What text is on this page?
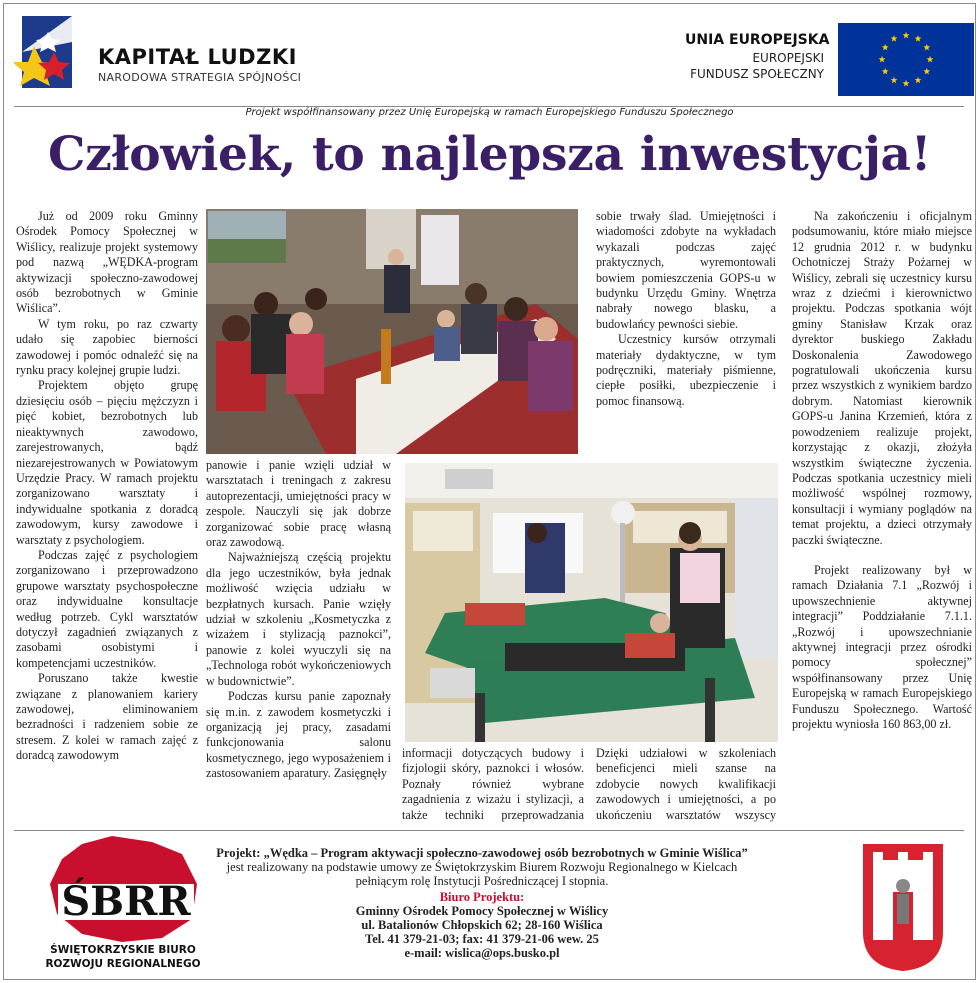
KAPITAŁ LUDZKI
NARODOWA STRATEGIA SPÓJNOŚCI
UNIA EUROPEJSKA
EUROPEJSKI
FUNDUSZ SPOŁECZNY
Projekt współfinansowany przez Unię Europejską w ramach Europejskiego Funduszu Społecznego
Człowiek, to najlepsza inwestycja!

Już od 2009 roku Gminny Ośrodek Pomocy Społecznej w Wiślicy, realizuje projekt systemowy pod nazwą „WĘDKA-program aktywizacji społeczno-zawodowej osób bezrobotnych w Gminie Wiślica”.

W tym roku, po raz czwarty udało się zapobiec bierności zawodowej i pomóc odnaleźć się na rynku pracy kolejnej grupie ludzi.

Projektem objęto grupę dziesięciu osób – pięciu mężczyzn i pięć kobiet, bezrobotnych lub nieaktywnych zawodowo, zarejestrowanych, bądź niezarejestrowanych w Powiatowym Urzędzie Pracy. W ramach projektu zorganizowano warsztaty i indywidualne spotkania z doradcą zawodowym, kursy zawodowe i warsztaty z psychologiem.

Podczas zajęć z psychologiem zorganizowano i przeprowadzono grupowe warsztaty psychospołeczne oraz indywidualne konsultacje według potrzeb. Cykl warsztatów dotyczył zagadnień związanych z zasobami osobistymi i kompetencjami uczestników.

Poruszano także kwestie związane z planowaniem kariery zawodowej, eliminowaniem bezradności i radzeniem sobie ze stresem. Z kolei w ramach zajęć z doradcą zawodowym

panowie i panie wzięli udział w warsztatach i treningach z zakresu autoprezentacji, umiejętności pracy w zespole. Nauczyli się jak dobrze zorganizować sobie pracę własną oraz zawodową.

Najważniejszą częścią projektu dla jego uczestników, była jednak możliwość wzięcia udziału w bezpłatnych kursach. Panie wzięły udział w szkoleniu „Kosmetyczka z wizażem i stylizacją paznokci”, panowie z kolei wyuczyli się na „Technologa robót wykończeniowych w budownictwie”.

Podczas kursu panie zapoznały się m.in. z zawodem kosmetyczki i organizacją jej pracy, zasadami funkcjonowania salonu kosmetycznego, jego wyposażeniem i zastosowaniem aparatury. Zasięgnęły

sobie trwały ślad. Umiejętności i wiadomości zdobyte na wykładach wykazali podczas zajęć praktycznych, wyremontowali bowiem pomieszczenia GOPS-u w budynku Urzędu Gminy. Wnętrza nabrały nowego blasku, a budowlańcy pewności siebie.

Uczestnicy kursów otrzymali materiały dydaktyczne, w tym podręczniki, materiały piśmienne, ciepłe posiłki, ubezpieczenie i pomoc finansową.

informacji dotyczących budowy i fizjologii skóry, paznokci i włosów. Poznały również wybrane zagadnienia z wizażu i stylizacji, a także techniki przeprowadzania

Dzięki udziałowi w szkoleniach beneficjenci mieli szanse na zdobycie nowych kwalifikacji zawodowych i umiejętności, a po ukończeniu warsztatów wszyscy

Na zakończeniu i oficjalnym podsumowaniu, które miało miejsce 12 grudnia 2012 r. w budynku Ochotniczej Straży Pożarnej w Wiślicy, zebrali się uczestnicy kursu wraz z dziećmi i kierownictwo projektu. Podczas spotkania wójt gminy Stanisław Krzak oraz dyrektor buskiego Zakładu Doskonalenia Zawodowego pogratulowali ukończenia kursu przez wszystkich z wynikiem bardzo dobrym. Natomiast kierownik GOPS-u Janina Krzemień, która z powodzeniem realizuje projekt, korzystając z okazji, złożyła wszystkim świąteczne życzenia. Podczas spotkania uczestnicy mieli możliwość wspólnej rozmowy, konsultacji i wymiany poglądów na temat projektu, a dzieci otrzymały paczki świąteczne.

Projekt realizowany był w ramach Działania 7.1 „Rozwój i upowszechnienie aktywnej integracji” Poddziałanie 7.1.1. „Rozwój i upowszechnianie aktywnej integracji przez ośrodki pomocy społecznej” współfinansowany przez Unię Europejską w ramach Europejskiego Funduszu Społecznego. Wartość projektu wyniosła 160 863,00 zł.

ŚBRR
ŚWIĘTOKRZYSKIE BIURO
ROZWOJU REGIONALNEGO
Projekt: „Wędka – Program aktywacji społeczno-zawodowej osób bezrobotnych w Gminie Wiślica”
jest realizowany na podstawie umowy ze Świętokrzyskim Biurem Rozwoju Regionalnego w Kielcach
pełniącym rolę Instytucji Pośredniczącej I stopnia.
Biuro Projektu:
Gminny Ośrodek Pomocy Społecznej w Wiślicy
ul. Batalionów Chłopskich 62; 28-160 Wiślica
Tel. 41 379-21-03; fax: 41 379-21-06 wew. 25
e-mail: wislica@ops.busko.pl
